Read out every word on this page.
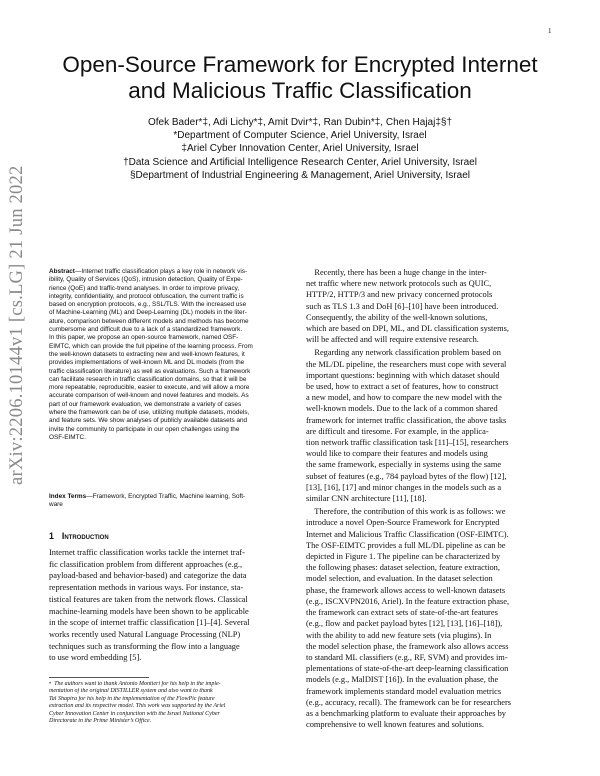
1
arXiv:2206.10144v1 [cs.LG] 21 Jun 2022
Open-Source Framework for Encrypted Internet
and Malicious Traffic Classification
Ofek Bader*‡, Adi Lichy*‡, Amit Dvir*‡, Ran Dubin*‡, Chen Hajaj‡§†
*Department of Computer Science, Ariel University, Israel
‡Ariel Cyber Innovation Center, Ariel University, Israel
†Data Science and Artificial Intelligence Research Center, Ariel University, Israel
§Department of Industrial Engineering & Management, Ariel University, Israel
Abstract—Internet traffic classification plays a key role in network vis-
ibility, Quality of Services (QoS), intrusion detection, Quality of Expe-
rience (QoE) and traffic-trend analyses. In order to improve privacy,
integrity, confidentiality, and protocol obfuscation, the current traffic is
based on encryption protocols, e.g., SSL/TLS. With the increased use
of Machine-Learning (ML) and Deep-Learning (DL) models in the liter-
ature, comparison between different models and methods has become
cumbersome and difficult due to a lack of a standardized framework.
In this paper, we propose an open-source framework, named OSF-
EIMTC, which can provide the full pipeline of the learning process. From
the well-known datasets to extracting new and well-known features, it
provides implementations of well-known ML and DL models (from the
traffic classification literature) as well as evaluations. Such a framework
can facilitate research in traffic classification domains, so that it will be
more repeatable, reproducible, easier to execute, and will allow a more
accurate comparison of well-known and novel features and models. As
part of our framework evaluation, we demonstrate a variety of cases
where the framework can be of use, utilizing multiple datasets, models,
and feature sets. We show analyses of publicly available datasets and
invite the community to participate in our open challenges using the
OSF-EIMTC.
Index Terms—Framework, Encrypted Traffic, Machine learning, Soft-
ware
1 Introduction
Internet traffic classification works tackle the internet traf-
fic classification problem from different approaches (e.g.,
payload-based and behavior-based) and categorize the data
representation methods in various ways. For instance, sta-
tistical features are taken from the network flows. Classical
machine-learning models have been shown to be applicable
in the scope of internet traffic classification [1]–[4]. Several
works recently used Natural Language Processing (NLP)
techniques such as transforming the flow into a language
to use word embedding [5].
• The authors want to thank Antonio Montieri for his help in the imple-
mentation of the original DISTILLER system and also want to thank
Tal Shapira for his help in the implementation of the FlowPic feature
extraction and its respective model. This work was supported by the Ariel
Cyber Innovation Center in conjunction with the Israel National Cyber
Directorate in the Prime Minister’s Office.
Recently, there has been a huge change in the inter-
net traffic where new network protocols such as QUIC,
HTTP/2, HTTP/3 and new privacy concerned protocols
such as TLS 1.3 and DoH [6]–[10] have been introduced.
Consequently, the ability of the well-known solutions,
which are based on DPI, ML, and DL classification systems,
will be affected and will require extensive research.
Regarding any network classification problem based on
the ML/DL pipeline, the researchers must cope with several
important questions: beginning with which dataset should
be used, how to extract a set of features, how to construct
a new model, and how to compare the new model with the
well-known models. Due to the lack of a common shared
framework for internet traffic classification, the above tasks
are difficult and tiresome. For example, in the applica-
tion network traffic classification task [11]–[15], researchers
would like to compare their features and models using
the same framework, especially in systems using the same
subset of features (e.g., 784 payload bytes of the flow) [12],
[13], [16], [17] and minor changes in the models such as a
similar CNN architecture [11], [18].
Therefore, the contribution of this work is as follows: we
introduce a novel Open-Source Framework for Encrypted
Internet and Malicious Traffic Classification (OSF-EIMTC).
The OSF-EIMTC provides a full ML/DL pipeline as can be
depicted in Figure 1. The pipeline can be characterized by
the following phases: dataset selection, feature extraction,
model selection, and evaluation. In the dataset selection
phase, the framework allows access to well-known datasets
(e.g., ISCXVPN2016, Ariel). In the feature extraction phase,
the framework can extract sets of state-of-the-art features
(e.g., flow and packet payload bytes [12], [13], [16]–[18]),
with the ability to add new feature sets (via plugins). In
the model selection phase, the framework also allows access
to standard ML classifiers (e.g., RF, SVM) and provides im-
plementations of state-of-the-art deep-learning classification
models (e.g., MalDIST [16]). In the evaluation phase, the
framework implements standard model evaluation metrics
(e.g., accuracy, recall). The framework can be for researchers
as a benchmarking platform to evaluate their approaches by
comprehensive to well known features and solutions.
